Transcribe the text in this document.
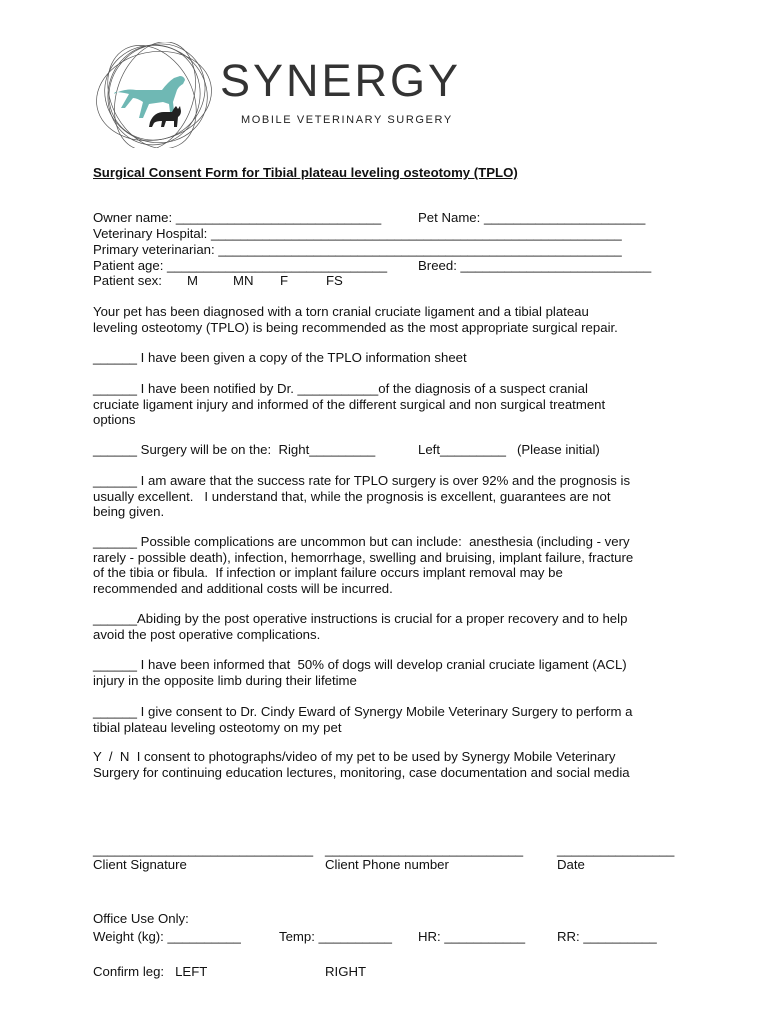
SYNERGY
MOBILE VETERINARY SURGERY
Surgical Consent Form for Tibial plateau leveling osteotomy (TPLO)
Owner name: ____________________________	Pet Name: ______________________
Veterinary Hospital: ________________________________________________________
Primary veterinarian: _______________________________________________________
Patient age: ______________________________ Breed: __________________________
Patient sex: M	MN F	FS
Your pet has been diagnosed with a torn cranial cruciate ligament and a tibial plateau
leveling osteotomy (TPLO) is being recommended as the most appropriate surgical repair.
______ I have been given a copy of the TPLO information sheet
______ I have been notified by Dr. ___________of the diagnosis of a suspect cranial
cruciate ligament injury and informed of the different surgical and non surgical treatment
options
______ Surgery will be on the:  Right_________	Left_________   (Please initial)
______ I am aware that the success rate for TPLO surgery is over 92% and the prognosis is
usually excellent.   I understand that, while the prognosis is excellent, guarantees are not
being given.
______ Possible complications are uncommon but can include:  anesthesia (including - very
rarely - possible death), infection, hemorrhage, swelling and bruising, implant failure, fracture
of the tibia or fibula.  If infection or implant failure occurs implant removal may be
recommended and additional costs will be incurred.
______Abiding by the post operative instructions is crucial for a proper recovery and to help
avoid the post operative complications.
______ I have been informed that  50% of dogs will develop cranial cruciate ligament (ACL)
injury in the opposite limb during their lifetime
______ I give consent to Dr. Cindy Eward of Synergy Mobile Veterinary Surgery to perform a
tibial plateau leveling osteotomy on my pet
Y  /  N  I consent to photographs/video of my pet to be used by Synergy Mobile Veterinary
Surgery for continuing education lectures, monitoring, case documentation and social media
______________________________
Client Signature
___________________________
Client Phone number
________________
Date
Office Use Only:
Weight (kg): __________	Temp: __________ HR: ___________ RR: __________
Confirm leg:   LEFT	RIGHT
